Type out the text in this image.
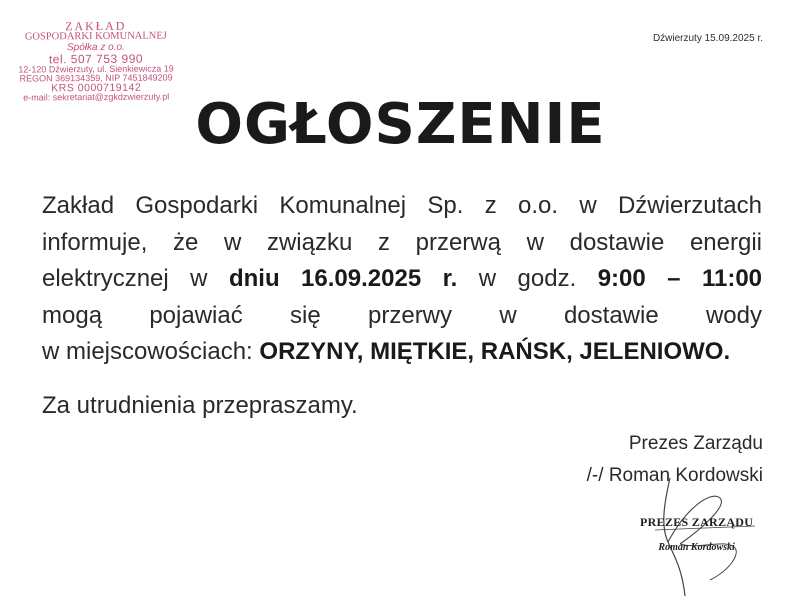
ZAKŁAD
GOSPODARKI KOMUNALNEJ
Spółka z o.o.
tel. 507 753 990
12-120 Dźwierzuty, ul. Sienkiewicza 19
REGON 369134359, NIP 7451849209
KRS 0000719142
e-mail: sekretariat@zgkdzwierzuty.pl
Dźwierzuty 15.09.2025 r.
OGŁOSZENIE
Zakład Gospodarki Komunalnej Sp. z o.o. w Dźwierzutach
informuje, że w związku z przerwą w dostawie energii
elektrycznej w dniu 16.09.2025 r. w godz. 9:00 – 11:00
mogą pojawiać się przerwy w dostawie wody
w miejscowościach: ORZYNY, MIĘTKIE, RAŃSK, JELENIOWO.
Za utrudnienia przepraszamy.
Prezes Zarządu
/-/ Roman Kordowski
PREZES ZARZĄDU
Roman Kordowski
